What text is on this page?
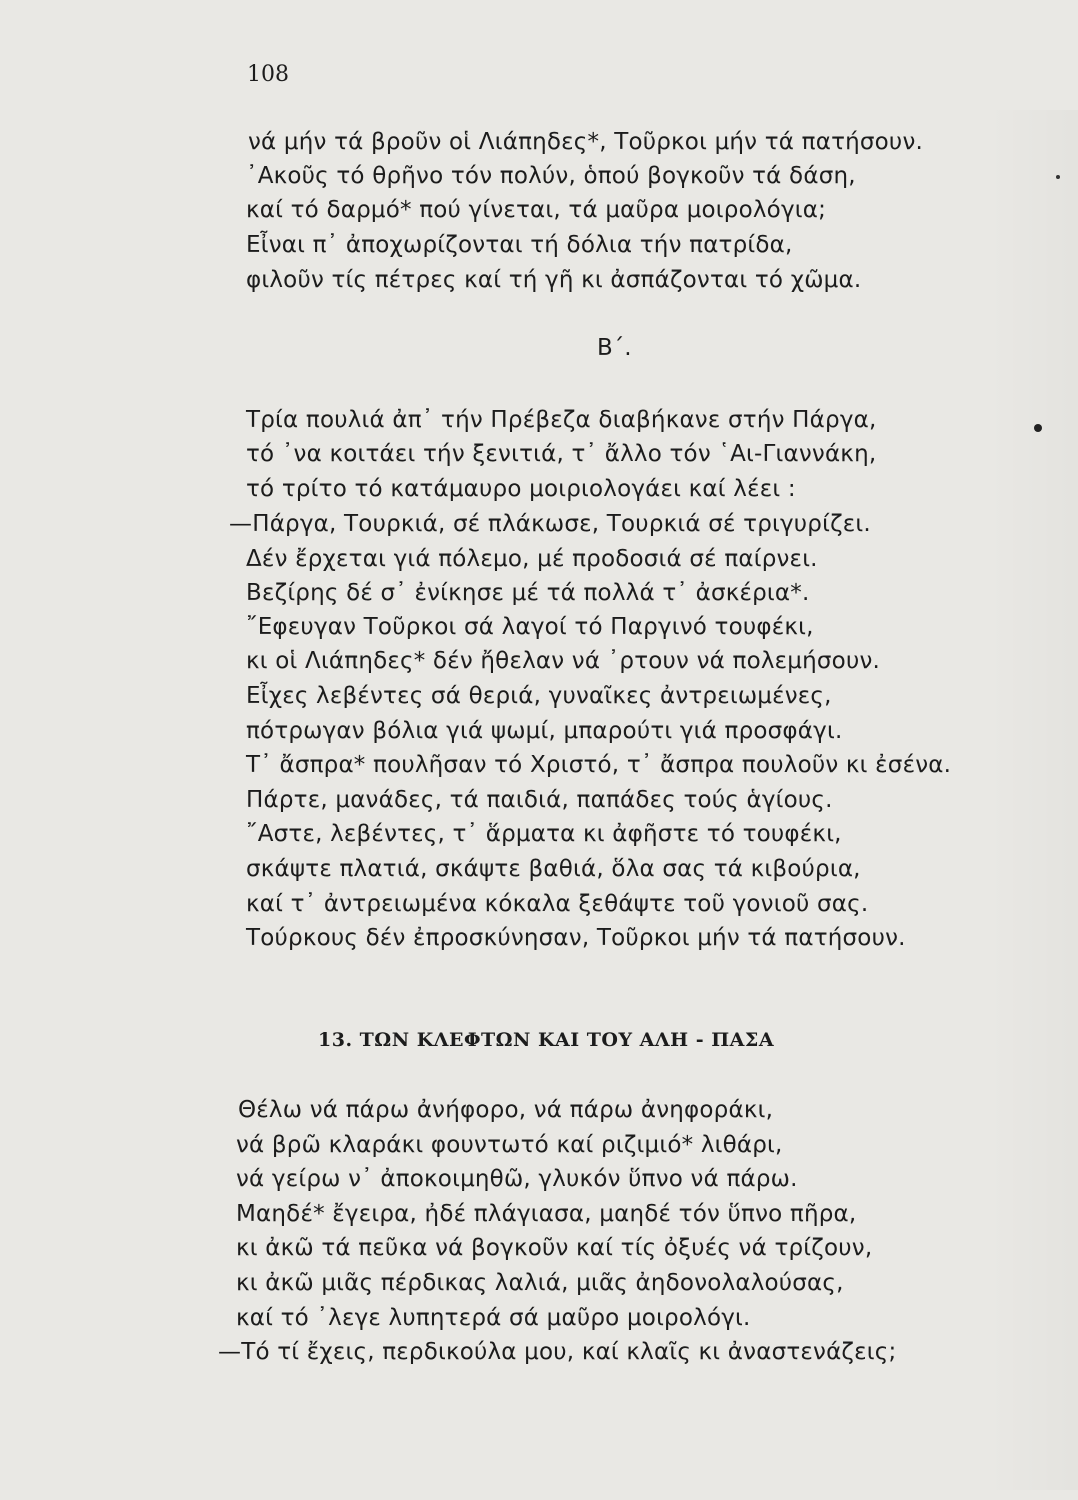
108
νά μήν τά βροῦν οἱ Λιάπηδες*, Τοῦρκοι μήν τά πατήσουν.
᾿Ακοῦς τό θρῆνο τόν πολύν, ὁπού βογκοῦν τά δάση,
καί τό δαρμό* πού γίνεται, τά μαῦρα μοιρολόγια;
Εἶναι π᾿ ἀποχωρίζονται τή δόλια τήν πατρίδα,
φιλοῦν τίς πέτρες καί τή γῆ κι ἀσπάζονται τό χῶμα.
Β΄.
Τρία πουλιά ἀπ᾿ τήν Πρέβεζα διαβήκανε στήν Πάργα,
τό ᾿να κοιτάει τήν ξενιτιά, τ᾿ ἄλλο τόν ῾Αι-Γιαννάκη,
τό τρίτο τό κατάμαυρο μοιριολογάει καί λέει :
—Πάργα, Τουρκιά, σέ πλάκωσε, Τουρκιά σέ τριγυρίζει.
Δέν ἔρχεται γιά πόλεμο, μέ προδοσιά σέ παίρνει.
Βεζίρης δέ σ᾿ ἐνίκησε μέ τά πολλά τ᾿ ἀσκέρια*.
῎Εφευγαν Τοῦρκοι σά λαγοί τό Παργινό τουφέκι,
κι οἱ Λιάπηδες* δέν ἤθελαν νά ᾿ρτουν νά πολεμήσουν.
Εἶχες λεβέντες σά θεριά, γυναῖκες ἀντρειωμένες,
πότρωγαν βόλια γιά ψωμί, μπαρούτι γιά προσφάγι.
Τ᾿ ἄσπρα* πουλῆσαν τό Χριστό, τ᾿ ἄσπρα πουλοῦν κι ἐσένα.
Πάρτε, μανάδες, τά παιδιά, παπάδες τούς ἁγίους.
῎Αστε, λεβέντες, τ᾿ ἅρματα κι ἀφῆστε τό τουφέκι,
σκάψτε πλατιά, σκάψτε βαθιά, ὅλα σας τά κιβούρια,
καί τ᾿ ἀντρειωμένα κόκαλα ξεθάψτε τοῦ γονιοῦ σας.
Τούρκους δέν ἐπροσκύνησαν, Τοῦρκοι μήν τά πατήσουν.
13. ΤΩΝ ΚΛΕΦΤΩΝ ΚΑΙ ΤΟΥ ΑΛΗ - ΠΑΣΑ
Θέλω νά πάρω ἀνήφορο, νά πάρω ἀνηφοράκι,
νά βρῶ κλαράκι φουντωτό καί ριζιμιό* λιθάρι,
νά γείρω ν᾿ ἀποκοιμηθῶ, γλυκόν ὕπνο νά πάρω.
Μαηδέ* ἔγειρα, ἠδέ πλάγιασα, μαηδέ τόν ὕπνο πῆρα,
κι ἀκῶ τά πεῦκα νά βογκοῦν καί τίς ὀξυές νά τρίζουν,
κι ἀκῶ μιᾶς πέρδικας λαλιά, μιᾶς ἀηδονολαλούσας,
καί τό ᾿λεγε λυπητερά σά μαῦρο μοιρολόγι.
—Τό τί ἔχεις, περδικούλα μου, καί κλαῖς κι ἀναστενάζεις;
